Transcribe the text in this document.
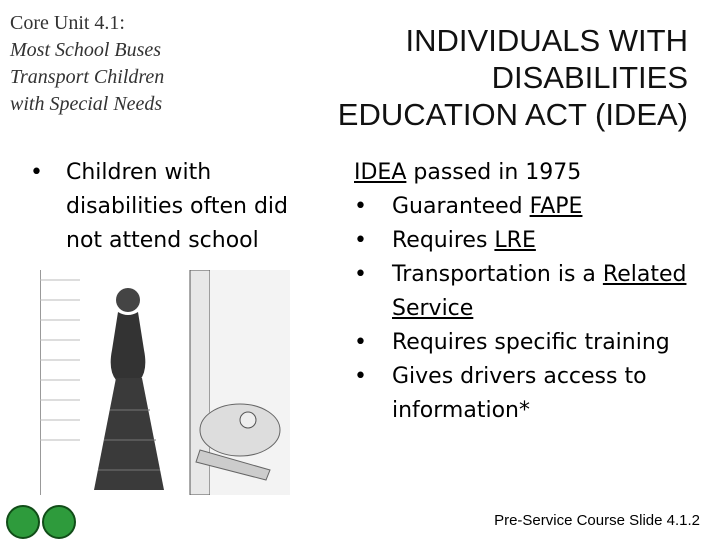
Core Unit 4.1:
Most School Buses
Transport Children
with Special Needs
INDIVIDUALS WITH
DISABILITIES
EDUCATION ACT (IDEA)
•	Children with disabilities often did not attend school
IDEA passed in 1975
•	Guaranteed FAPE
•	Requires LRE
•	Transportation is a Related Service
•	Requires specific training
•	Gives drivers access to information*
Pre-Service Course Slide 4.1.2
